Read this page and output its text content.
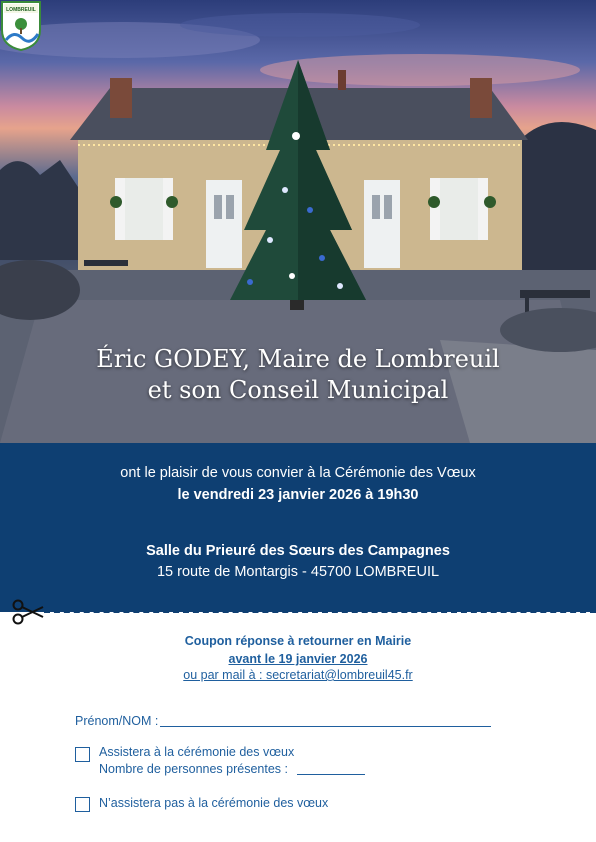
Éric GODEY, Maire de Lombreuil
et son Conseil Municipal
LOMBREUIL
ont le plaisir de vous convier à la Cérémonie des Vœux
le vendredi 23 janvier 2026 à 19h30
Salle du Prieuré des Sœurs des Campagnes
15 route de Montargis - 45700 LOMBREUIL
Coupon réponse à retourner en Mairie
avant le 19 janvier 2026
ou par mail à : secretariat@lombreuil45.fr
Prénom/NOM :
Assistera à la cérémonie des vœux
Nombre de personnes présentes :
N’assistera pas à la cérémonie des vœux
